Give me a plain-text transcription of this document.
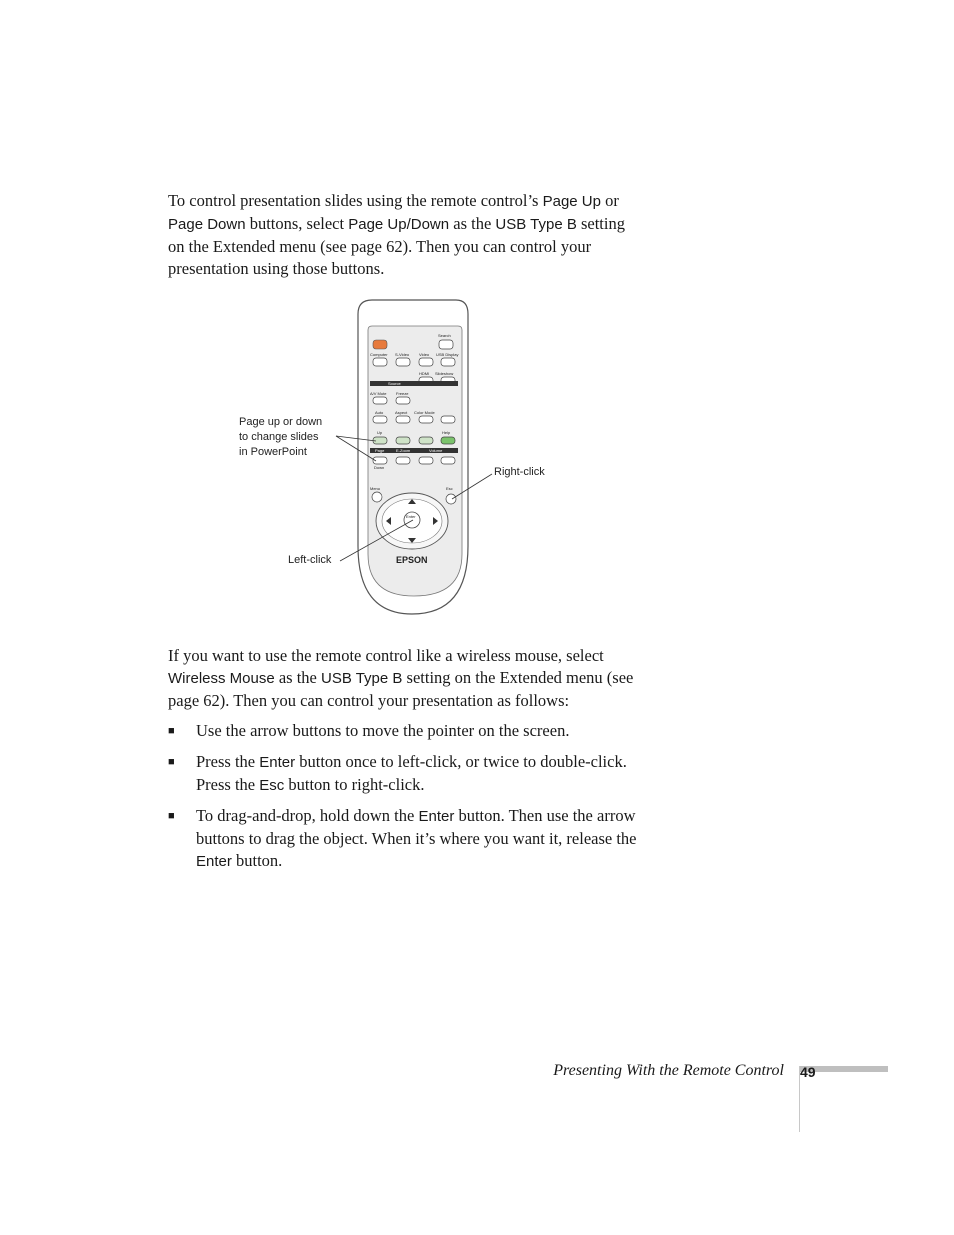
To control presentation slides using the remote control’s Page Up or Page Down buttons, select Page Up/Down as the USB Type B setting on the Extended menu (see page 62). Then you can control your presentation using those buttons.
Search
Computer S-Video Video USB Display
HDMI Slideshow
Source
A/V Mute Freeze
Auto	Aspect Color Mode
Up	Help
Page	E-Zoom	Volume
Down
Menu	Esc
Enter
Page up or down
to change slides
in PowerPoint
Right-click
Left-click	EPSON
If you want to use the remote control like a wireless mouse, select Wireless Mouse as the USB Type B setting on the Extended menu (see page 62). Then you can control your presentation as follows:
■ Use the arrow buttons to move the pointer on the screen.
■ Press the Enter button once to left-click, or twice to double-click. Press the Esc button to right-click.
■ To drag-and-drop, hold down the Enter button. Then use the arrow buttons to drag the object. When it’s where you want it, release the Enter button.
Presenting With the Remote Control 49
